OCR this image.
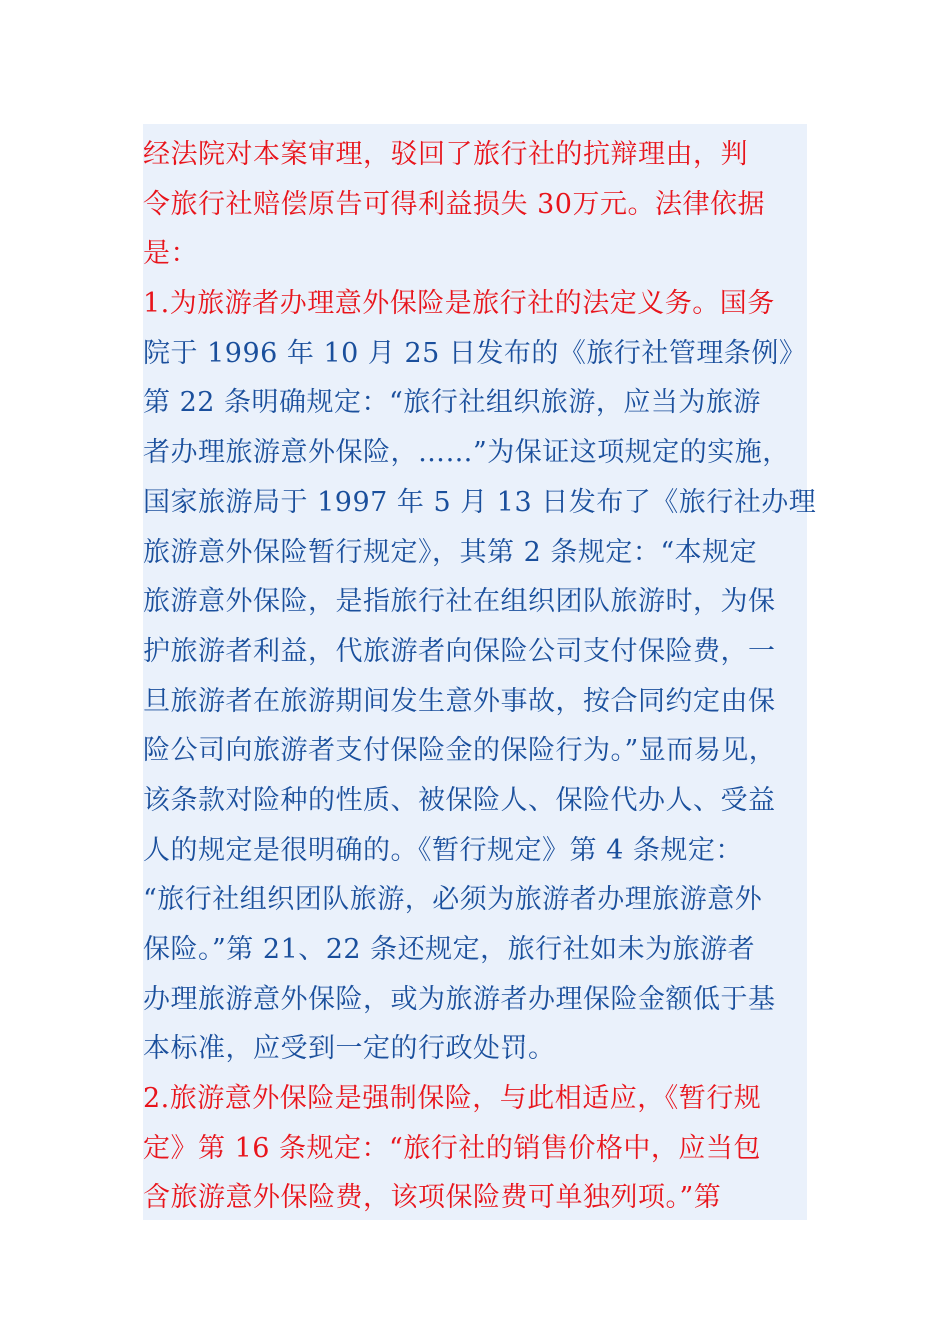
经法院对本案审理，驳回了旅行社的抗辩理由，判
令旅行社赔偿原告可得利益损失 30万元。法律依据
是：
1.为旅游者办理意外保险是旅行社的法定义务。国务
院于 1996 年 10 月 25 日发布的《旅行社管理条例》
第 22 条明确规定：“旅行社组织旅游，应当为旅游
者办理旅游意外保险，……”为保证这项规定的实施，
国家旅游局于 1997 年 5 月 13 日发布了《旅行社办理
旅游意外保险暂行规定》，其第 2 条规定：“本规定
旅游意外保险，是指旅行社在组织团队旅游时，为保
护旅游者利益，代旅游者向保险公司支付保险费，一
旦旅游者在旅游期间发生意外事故，按合同约定由保
险公司向旅游者支付保险金的保险行为。”显而易见，
该条款对险种的性质、被保险人、保险代办人、受益
人的规定是很明确的。《暂行规定》第 4 条规定：
“旅行社组织团队旅游，必须为旅游者办理旅游意外
保险。”第 21、22 条还规定，旅行社如未为旅游者
办理旅游意外保险，或为旅游者办理保险金额低于基
本标准，应受到一定的行政处罚。
2.旅游意外保险是强制保险，与此相适应，《暂行规
定》第 16 条规定：“旅行社的销售价格中，应当包
含旅游意外保险费，该项保险费可单独列项。”第
